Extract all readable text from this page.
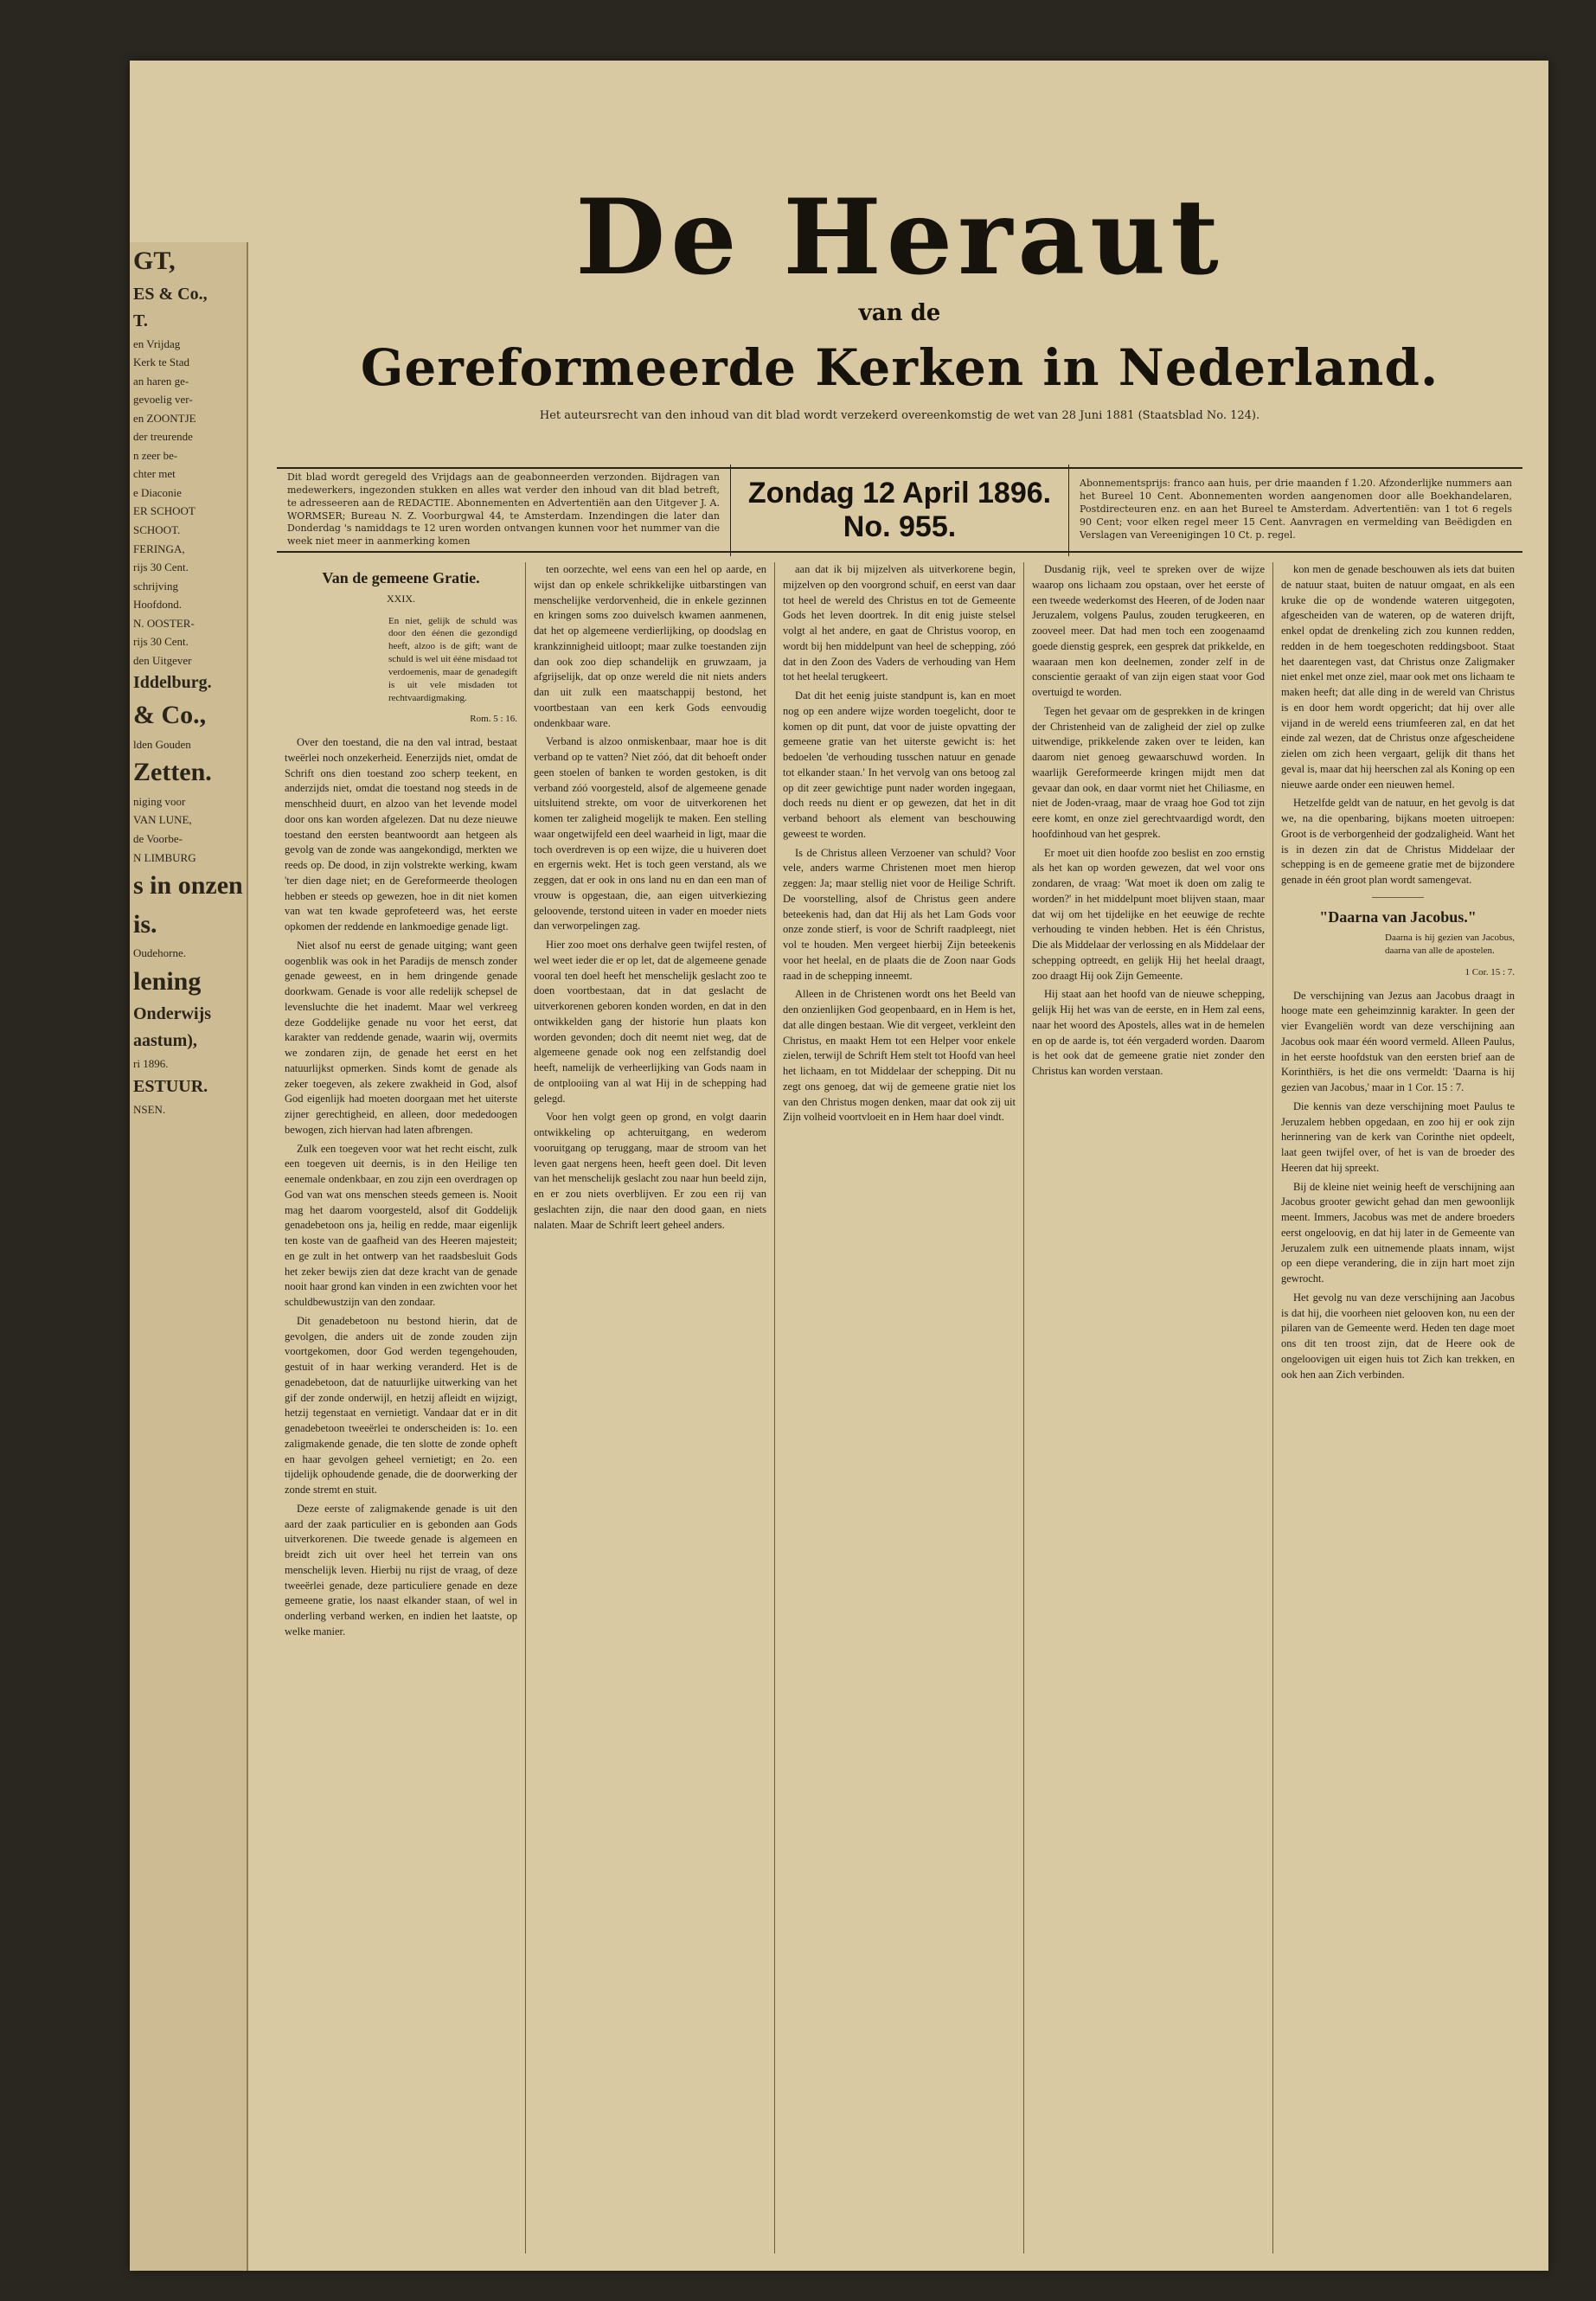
GT,
ES & Co.,
T.
en Vrijdag
Kerk te Stad
an haren ge-
gevoelig ver-
en ZOONTJE
der treurende
n zeer be-
chter met
e Diaconie
ER SCHOOT
SCHOOT.
FERINGA,
rijs 30 Cent.
schrijving
Hoofdond.
N. OOSTER-
rijs 30 Cent.
den Uitgever
Iddelburg.
& Co.,
lden Gouden
Zetten.
niging voor
VAN LUNE,
de Voorbe-
N LIMBURG
s in onzen
is.
Oudehorne.
lening
Onderwijs
aastum),
ri 1896.
ESTUUR.
NSEN.
De Heraut
van de
Gereformeerde Kerken in Nederland.
Het auteursrecht van den inhoud van dit blad wordt verzekerd overeenkomstig de wet van 28 Juni 1881 (Staatsblad No. 124).
Dit blad wordt geregeld des Vrijdags aan de geabonneerden verzonden. Bijdragen van medewerkers, ingezonden stukken en alles wat verder den inhoud van dit blad betreft, te adresseeren aan de REDACTIE. Abonnementen en Advertentiën aan den Uitgever J. A. WORMSER; Bureau N. Z. Voorburgwal 44, te Amsterdam. Inzendingen die later dan Donderdag 's namiddags te 12 uren worden ontvangen kunnen voor het nummer van die week niet meer in aanmerking komen
Zondag 12 April 1896. No. 955.
Abonnementsprijs: franco aan huis, per drie maanden f 1.20. Afzonderlijke nummers aan het Bureel 10 Cent. Abonnementen worden aangenomen door alle Boekhandelaren, Postdirecteuren enz. en aan het Bureel te Amsterdam. Advertentiën: van 1 tot 6 regels 90 Cent; voor elken regel meer 15 Cent. Aanvragen en vermelding van Beëdigden en Verslagen van Vereenigingen 10 Ct. p. regel.
Van de gemeene Gratie.
XXIX.
En niet, gelijk de schuld was door den éénen die gezondigd heeft, alzoo is de gift; want de schuld is wel uit ééne misdaad tot verdoemenis, maar de genadegift is uit vele misdaden tot rechtvaardigmaking.
Rom. 5 : 16.

Over den toestand, die na den val intrad, bestaat tweërlei noch onzekerheid. Eenerzijds niet, omdat de Schrift ons dien toestand zoo scherp teekent, en anderzijds niet, omdat die toestand nog steeds in de menschheid duurt, en alzoo van het levende model door ons kan worden afgelezen. Dat nu deze nieuwe toestand den eersten beantwoordt aan hetgeen als gevolg van de zonde was aangekondigd, merkten we reeds op. De dood, in zijn volstrekte werking, kwam 'ter dien dage niet; en de Gereformeerde theologen hebben er steeds op gewezen, hoe in dit niet komen van wat ten kwade geprofeteerd was, het eerste opkomen der reddende en lankmoedige genade ligt.

Niet alsof nu eerst de genade uitging; want geen oogenblik was ook in het Paradijs de mensch zonder genade geweest, en in hem dringende genade doorkwam. Genade is voor alle redelijk schepsel de levensluchte die het inademt. Maar wel verkreeg deze Goddelijke genade nu voor het eerst, dat karakter van reddende genade, waarin wij, overmits we zondaren zijn, de genade het eerst en het natuurlijkst opmerken. Sinds komt de genade als zeker toegeven, als zekere zwakheid in God, alsof God eigenlijk had moeten doorgaan met het uiterste zijner gerechtigheid, en alleen, door mededoogen bewogen, zich hiervan had laten afbrengen.

Zulk een toegeven voor wat het recht eischt, zulk een toegeven uit deernis, is in den Heilige ten eenemale ondenkbaar, en zou zijn een overdragen op God van wat ons menschen steeds gemeen is. Nooit mag het daarom voorgesteld, alsof dit Goddelijk genadebetoon ons ja, heilig en redde, maar eigenlijk ten koste van de gaafheid van des Heeren majesteit; en ge zult in het ontwerp van het raadsbesluit Gods het zeker bewijs zien dat deze kracht van de genade nooit haar grond kan vinden in een zwichten voor het schuldbewustzijn van den zondaar.

Dit genadebetoon nu bestond hierin, dat de gevolgen, die anders uit de zonde zouden zijn voortgekomen, door God werden tegengehouden, gestuit of in haar werking veranderd. Het is de genadebetoon, dat de natuurlijke uitwerking van het gif der zonde onderwijl, en hetzij afleidt en wijzigt, hetzij tegenstaat en vernietigt. Vandaar dat er in dit genadebetoon tweeërlei te onderscheiden is: 1o. een zaligmakende genade, die ten slotte de zonde opheft en haar gevolgen geheel vernietigt; en 2o. een tijdelijk ophoudende genade, die de doorwerking der zonde stremt en stuit.

Deze eerste of zaligmakende genade is uit den aard der zaak particulier en is gebonden aan Gods uitverkorenen. Die tweede genade is algemeen en breidt zich uit over heel het terrein van ons menschelijk leven. Hierbij nu rijst de vraag, of deze tweeërlei genade, deze particuliere genade en deze gemeene gratie, los naast elkander staan, of wel in onderling verband werken, en indien het laatste, op welke manier.

ten oorzechte, wel eens van een hel op aarde, en wijst dan op enkele schrikkelijke uitbarstingen van menschelijke verdorvenheid, die in enkele gezinnen en kringen soms zoo duivelsch kwamen aanmenen, dat het op algemeene verdierlijking, op doodslag en krankzinnigheid uitloopt; maar zulke toestanden zijn dan ook zoo diep schandelijk en gruwzaam, ja afgrijselijk, dat op onze wereld die nit niets anders dan uit zulk een maatschappij bestond, het voortbestaan van een kerk Gods eenvoudig ondenkbaar ware.

Verband is alzoo onmiskenbaar, maar hoe is dit verband op te vatten? Niet zóó, dat dit behoeft onder geen stoelen of banken te worden gestoken, is dit verband zóó voorgesteld, alsof de algemeene genade uitsluitend strekte, om voor de uitverkorenen het komen ter zaligheid mogelijk te maken. Een stelling waar ongetwijfeld een deel waarheid in ligt, maar die toch overdreven is op een wijze, die u huiveren doet en ergernis wekt. Het is toch geen verstand, als we zeggen, dat er ook in ons land nu en dan een man of vrouw is opgestaan, die, aan eigen uitverkiezing geloovende, terstond uiteen in vader en moeder niets dan verworpelingen zag.

Hier zoo moet ons derhalve geen twijfel resten, of wel weet ieder die er op let, dat de algemeene genade vooral ten doel heeft het menschelijk geslacht zoo te doen voortbestaan, dat in dat geslacht de uitverkorenen geboren konden worden, en dat in den ontwikkelden gang der historie hun plaats kon worden gevonden; doch dit neemt niet weg, dat de algemeene genade ook nog een zelfstandig doel heeft, namelijk de verheerlijking van Gods naam in de ontplooiing van al wat Hij in de schepping had gelegd.

Voor hen volgt geen op grond, en volgt daarin ontwikkeling op achteruitgang, en wederom vooruitgang op teruggang, maar de stroom van het leven gaat nergens heen, heeft geen doel. Dit leven van het menschelijk geslacht zou naar hun beeld zijn, en er zou niets overblijven. Er zou een rij van geslachten zijn, die naar den dood gaan, en niets nalaten. Maar de Schrift leert geheel anders.

aan dat ik bij mijzelven als uitverkorene begin, mijzelven op den voorgrond schuif, en eerst van daar tot heel de wereld des Christus en tot de Gemeente Gods het leven doortrek. In dit enig juiste stelsel volgt al het andere, en gaat de Christus voorop, en wordt bij hen middelpunt van heel de schepping, zóó dat in den Zoon des Vaders de verhouding van Hem tot het heelal terugkeert.

Dat dit het eenig juiste standpunt is, kan en moet nog op een andere wijze worden toegelicht, door te komen op dit punt, dat voor de juiste opvatting der gemeene gratie van het uiterste gewicht is: het bedoelen 'de verhouding tusschen natuur en genade tot elkander staan.' In het vervolg van ons betoog zal op dit zeer gewichtige punt nader worden ingegaan, doch reeds nu dient er op gewezen, dat het in dit verband behoort als element van beschouwing geweest te worden.

Is de Christus alleen Verzoener van schuld? Voor vele, anders warme Christenen moet men hierop zeggen: Ja; maar stellig niet voor de Heilige Schrift. De voorstelling, alsof de Christus geen andere beteekenis had, dan dat Hij als het Lam Gods voor onze zonde stierf, is voor de Schrift raadpleegt, niet vol te houden. Men vergeet hierbij Zijn beteekenis voor het heelal, en de plaats die de Zoon naar Gods raad in de schepping inneemt.

Alleen in de Christenen wordt ons het Beeld van den onzienlijken God geopenbaard, en in Hem is het, dat alle dingen bestaan. Wie dit vergeet, verkleint den Christus, en maakt Hem tot een Helper voor enkele zielen, terwijl de Schrift Hem stelt tot Hoofd van heel het lichaam, en tot Middelaar der schepping. Dit nu zegt ons genoeg, dat wij de gemeene gratie niet los van den Christus mogen denken, maar dat ook zij uit Zijn volheid voortvloeit en in Hem haar doel vindt.

Dusdanig rijk, veel te spreken over de wijze waarop ons lichaam zou opstaan, over het eerste of een tweede wederkomst des Heeren, of de Joden naar Jeruzalem, volgens Paulus, zouden terugkeeren, en zooveel meer. Dat had men toch een zoogenaamd goede dienstig gesprek, een gesprek dat prikkelde, en waaraan men kon deelnemen, zonder zelf in de conscientie geraakt of van zijn eigen staat voor God overtuigd te worden.

Tegen het gevaar om de gesprekken in de kringen der Christenheid van de zaligheid der ziel op zulke uitwendige, prikkelende zaken over te leiden, kan daarom niet genoeg gewaarschuwd worden. In waarlijk Gereformeerde kringen mijdt men dat gevaar dan ook, en daar vormt niet het Chiliasme, en niet de Joden-vraag, maar de vraag hoe God tot zijn eere komt, en onze ziel gerechtvaardigd wordt, den hoofdinhoud van het gesprek.

Er moet uit dien hoofde zoo beslist en zoo ernstig als het kan op worden gewezen, dat wel voor ons zondaren, de vraag: 'Wat moet ik doen om zalig te worden?' in het middelpunt moet blijven staan, maar dat wij om het tijdelijke en het eeuwige de rechte verhouding te vinden hebben. Het is één Christus, Die als Middelaar der verlossing en als Middelaar der schepping optreedt, en gelijk Hij het heelal draagt, zoo draagt Hij ook Zijn Gemeente.

Hij staat aan het hoofd van de nieuwe schepping, gelijk Hij het was van de eerste, en in Hem zal eens, naar het woord des Apostels, alles wat in de hemelen en op de aarde is, tot één vergaderd worden. Daarom is het ook dat de gemeene gratie niet zonder den Christus kan worden verstaan.

kon men de genade beschouwen als iets dat buiten de natuur staat, buiten de natuur omgaat, en als een kruke die op de wondende wateren uitgegoten, afgescheiden van de wateren, op de wateren drijft, enkel opdat de drenkeling zich zou kunnen redden, redden in de hem toegeschoten reddingsboot. Staat het daarentegen vast, dat Christus onze Zaligmaker niet enkel met onze ziel, maar ook met ons lichaam te maken heeft; dat alle ding in de wereld van Christus is en door hem wordt opgericht; dat hij over alle vijand in de wereld eens triumfeeren zal, en dat het einde zal wezen, dat de Christus onze afgescheidene zielen om zich heen vergaart, gelijk dit thans het geval is, maar dat hij heerschen zal als Koning op een nieuwe aarde onder een nieuwen hemel.

Hetzelfde geldt van de natuur, en het gevolg is dat we, na die openbaring, bijkans moeten uitroepen: Groot is de verborgenheid der godzaligheid. Want het is in dezen zin dat de Christus Middelaar der schepping is en de gemeene gratie met de bijzondere genade in één groot plan wordt samengevat.

"Daarna van Jacobus."
Daarna is hij gezien van Jacobus, daarna van alle de apostelen.
1 Cor. 15 : 7.

De verschijning van Jezus aan Jacobus draagt in hooge mate een geheimzinnig karakter. In geen der vier Evangeliën wordt van deze verschijning aan Jacobus ook maar één woord vermeld. Alleen Paulus, in het eerste hoofdstuk van den eersten brief aan de Korinthiërs, is het die ons vermeldt: 'Daarna is hij gezien van Jacobus,' maar in 1 Cor. 15 : 7.

Die kennis van deze verschijning moet Paulus te Jeruzalem hebben opgedaan, en zoo hij er ook zijn herinnering van de kerk van Corinthe niet opdeelt, laat geen twijfel over, of het is van de broeder des Heeren dat hij spreekt.

Bij de kleine niet weinig heeft de verschijning aan Jacobus grooter gewicht gehad dan men gewoonlijk meent. Immers, Jacobus was met de andere broeders eerst ongeloovig, en dat hij later in de Gemeente van Jeruzalem zulk een uitnemende plaats innam, wijst op een diepe verandering, die in zijn hart moet zijn gewrocht.

Het gevolg nu van deze verschijning aan Jacobus is dat hij, die voorheen niet gelooven kon, nu een der pilaren van de Gemeente werd. Heden ten dage moet ons dit ten troost zijn, dat de Heere ook de ongeloovigen uit eigen huis tot Zich kan trekken, en ook hen aan Zich verbinden.
